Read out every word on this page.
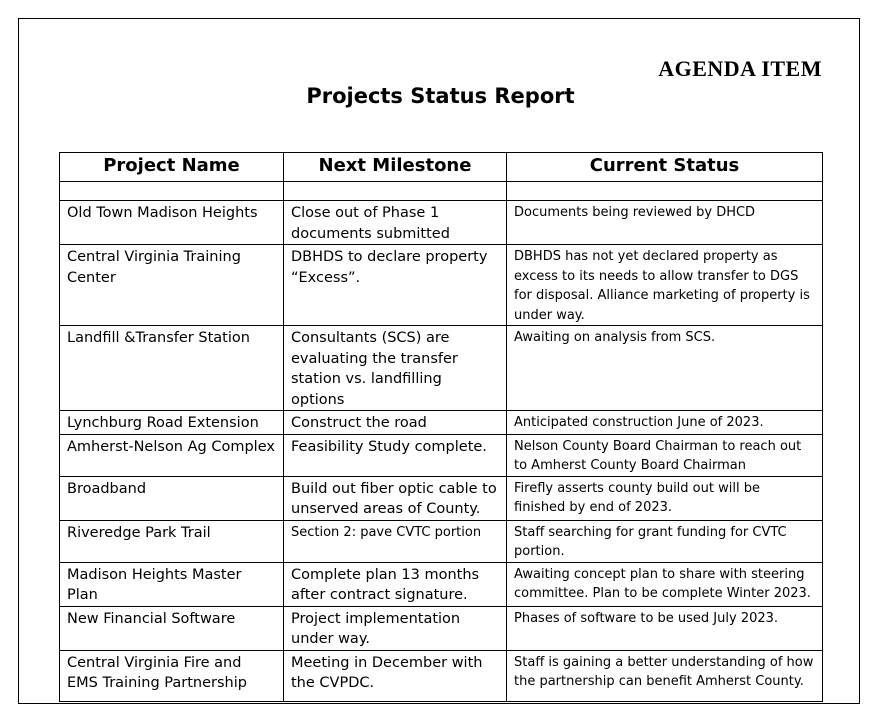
AGENDA ITEM
Projects Status Report
Project Name	Next Milestone	Current Status

Old Town Madison Heights	Close out of Phase 1 documents submitted	Documents being reviewed by DHCD
Central Virginia Training Center	DBHDS to declare property “Excess”.	DBHDS has not yet declared property as excess to its needs to allow transfer to DGS for disposal. Alliance marketing of property is under way.
Landfill &Transfer Station	Consultants (SCS) are evaluating the transfer station vs. landfilling options	Awaiting on analysis from SCS.
Lynchburg Road Extension	Construct the road	Anticipated construction June of 2023.
Amherst-Nelson Ag Complex	Feasibility Study complete.	Nelson County Board Chairman to reach out to Amherst County Board Chairman
Broadband	Build out fiber optic cable to unserved areas of County.	Firefly asserts county build out will be finished by end of 2023.
Riveredge Park Trail	Section 2: pave CVTC portion	Staff searching for grant funding for CVTC portion.
Madison Heights Master Plan	Complete plan 13 months after contract signature.	Awaiting concept plan to share with steering committee. Plan to be complete Winter 2023.
New Financial Software	Project implementation under way.	Phases of software to be used July 2023.
Central Virginia Fire and EMS Training Partnership	Meeting in December with the CVPDC.	Staff is gaining a better understanding of how the partnership can benefit Amherst County.
